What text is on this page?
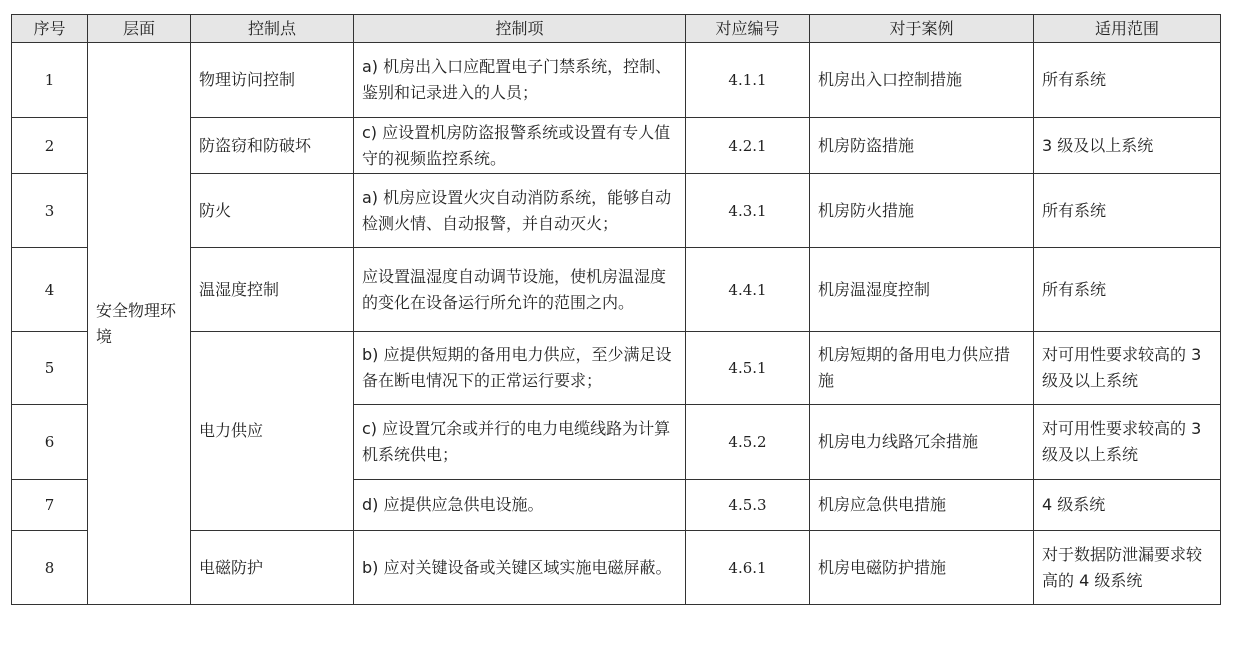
序号	层面	控制点	控制项	对应编号	对于案例	适用范围
1	安全物理环境	物理访问控制	a) 机房出入口应配置电子门禁系统，控制、鉴别和记录进入的人员；	4.1.1	机房出入口控制措施	所有系统
2		防盗窃和防破坏	c) 应设置机房防盗报警系统或设置有专人值守的视频监控系统。	4.2.1	机房防盗措施	3 级及以上系统
3		防火	a) 机房应设置火灾自动消防系统，能够自动检测火情、自动报警，并自动灭火；	4.3.1	机房防火措施	所有系统
4		温湿度控制	应设置温湿度自动调节设施，使机房温湿度的变化在设备运行所允许的范围之内。	4.4.1	机房温湿度控制	所有系统
5		电力供应	b) 应提供短期的备用电力供应，至少满足设备在断电情况下的正常运行要求；	4.5.1	机房短期的备用电力供应措施	对可用性要求较高的 3 级及以上系统
6			c) 应设置冗余或并行的电力电缆线路为计算机系统供电；	4.5.2	机房电力线路冗余措施	对可用性要求较高的 3 级及以上系统
7			d) 应提供应急供电设施。	4.5.3	机房应急供电措施	4 级系统
8		电磁防护	b) 应对关键设备或关键区域实施电磁屏蔽。	4.6.1	机房电磁防护措施	对于数据防泄漏要求较高的 4 级系统
